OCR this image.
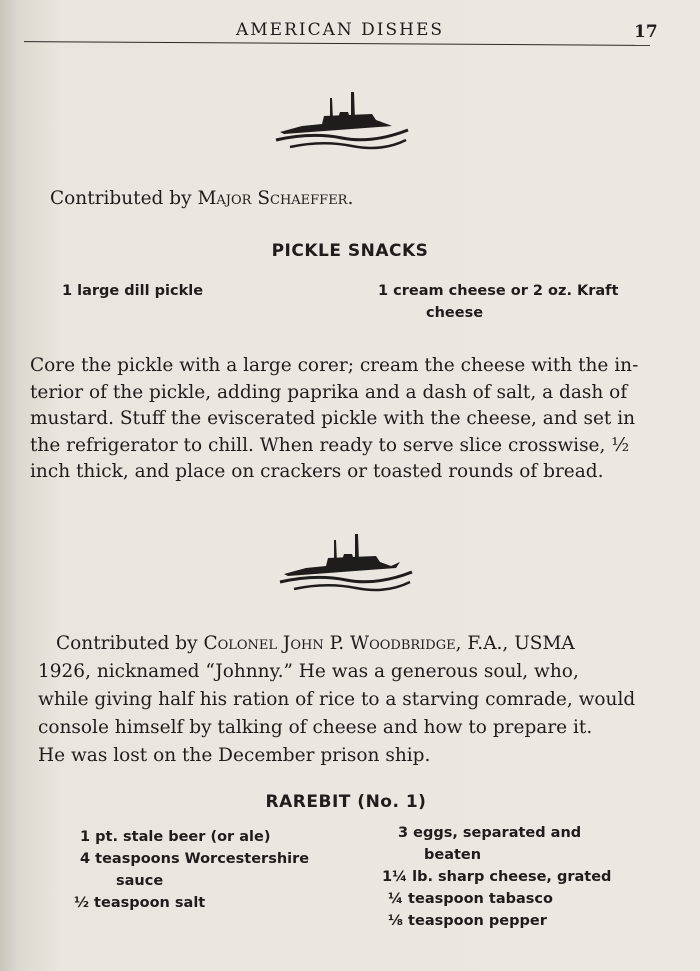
AMERICAN DISHES	17
Contributed by Major Schaeffer.
PICKLE SNACKS
1 large dill pickle	1 cream cheese or 2 oz. Kraft
cheese
Core the pickle with a large corer; cream the cheese with the in-
terior of the pickle, adding paprika and a dash of salt, a dash of
mustard. Stuff the eviscerated pickle with the cheese, and set in
the refrigerator to chill. When ready to serve slice crosswise, ½
inch thick, and place on crackers or toasted rounds of bread.
Contributed by Colonel John P. Woodbridge, F.A., USMA
1926, nicknamed “Johnny.” He was a generous soul, who,
while giving half his ration of rice to a starving comrade, would
console himself by talking of cheese and how to prepare it.
He was lost on the December prison ship.
RAREBIT (No. 1)
1 pt. stale beer (or ale)
4 teaspoons Worcestershire
sauce
½ teaspoon salt
3 eggs, separated and
beaten
1¼ lb. sharp cheese, grated
¼ teaspoon tabasco
⅛ teaspoon pepper
